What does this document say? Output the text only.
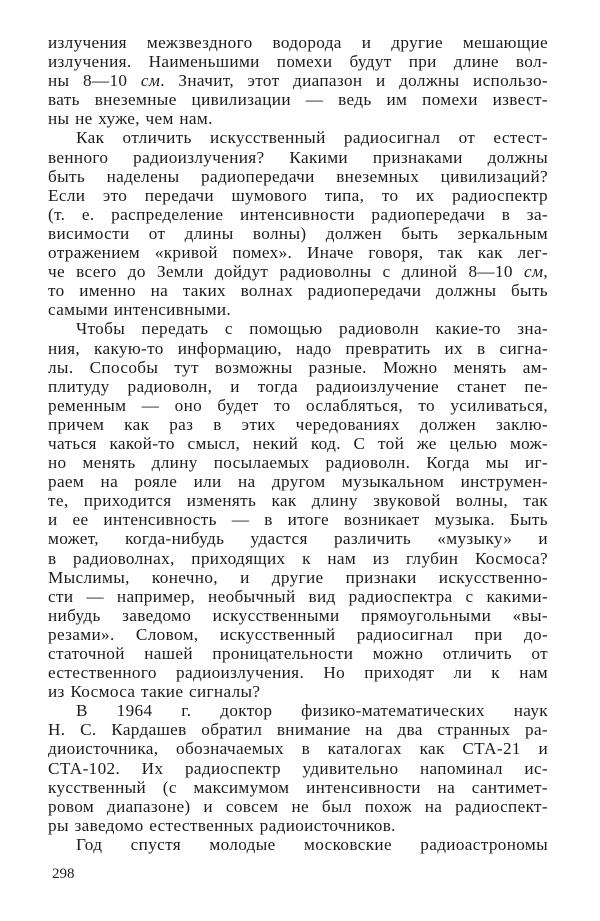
излучения межзвездного водорода и другие мешающие
излучения. Наименьшими помехи будут при длине вол-
ны 8—10 см. Значит, этот диапазон и должны использо-
вать внеземные цивилизации — ведь им помехи извест-
ны не хуже, чем нам.
Как отличить искусственный радиосигнал от естест-
венного радиоизлучения? Какими признаками должны
быть наделены радиопередачи внеземных цивилизаций?
Если это передачи шумового типа, то их радиоспектр
(т. е. распределение интенсивности радиопередачи в за-
висимости от длины волны) должен быть зеркальным
отражением «кривой помех». Иначе говоря, так как лег-
че всего до Земли дойдут радиоволны с длиной 8—10 см,
то именно на таких волнах радиопередачи должны быть
самыми интенсивными.
Чтобы передать с помощью радиоволн какие-то зна-
ния, какую-то информацию, надо превратить их в сигна-
лы. Способы тут возможны разные. Можно менять ам-
плитуду радиоволн, и тогда радиоизлучение станет пе-
ременным — оно будет то ослабляться, то усиливаться,
причем как раз в этих чередованиях должен заклю-
чаться какой-то смысл, некий код. С той же целью мож-
но менять длину посылаемых радиоволн. Когда мы иг-
раем на рояле или на другом музыкальном инструмен-
те, приходится изменять как длину звуковой волны, так
и ее интенсивность — в итоге возникает музыка. Быть
может, когда-нибудь удастся различить «музыку» и
в радиоволнах, приходящих к нам из глубин Космоса?
Мыслимы, конечно, и другие признаки искусственно-
сти — например, необычный вид радиоспектра с какими-
нибудь заведомо искусственными прямоугольными «вы-
резами». Словом, искусственный радиосигнал при до-
статочной нашей проницательности можно отличить от
естественного радиоизлучения. Но приходят ли к нам
из Космоса такие сигналы?
В 1964 г. доктор физико-математических наук
Н. С. Кардашев обратил внимание на два странных ра-
диоисточника, обозначаемых в каталогах как СТА-21 и
СТА-102. Их радиоспектр удивительно напоминал ис-
кусственный (с максимумом интенсивности на сантимет-
ровом диапазоне) и совсем не был похож на радиоспект-
ры заведомо естественных радиоисточников.
Год спустя молодые московские радиоастрономы
298
